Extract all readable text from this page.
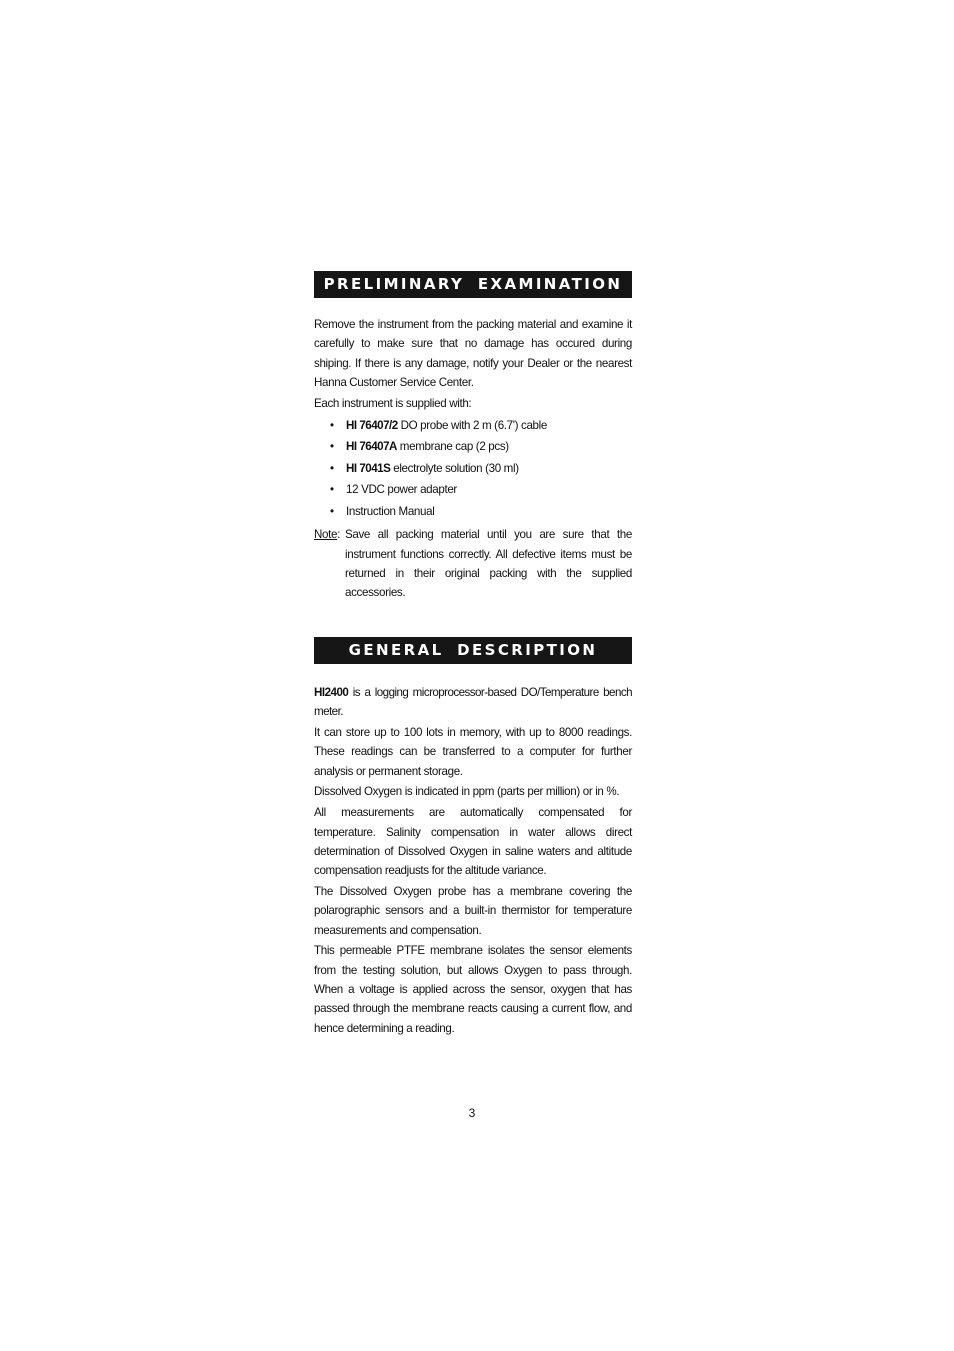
PRELIMINARY EXAMINATION

Remove the instrument from the packing material and examine it carefully to make sure that no damage has occured during shiping. If there is any damage, notify your Dealer or the nearest Hanna Customer Service Center.

Each instrument is supplied with:

• HI 76407/2 DO probe with 2 m (6.7') cable
• HI 76407A membrane cap (2 pcs)
• HI 7041S electrolyte solution (30 ml)
• 12 VDC power adapter
• Instruction Manual
Note: Save all packing material until you are sure that the instrument functions correctly. All defective items must be returned in their original packing with the supplied accessories.

GENERAL DESCRIPTION

HI2400 is a logging microprocessor-based DO/Temperature bench meter.

It can store up to 100 lots in memory, with up to 8000 readings. These readings can be transferred to a computer for further analysis or permanent storage.

Dissolved Oxygen is indicated in ppm (parts per million) or in %.

All measurements are automatically compensated for temperature. Salinity compensation in water allows direct determination of Dissolved Oxygen in saline waters and altitude compensation readjusts for the altitude variance.

The Dissolved Oxygen probe has a membrane covering the polarographic sensors and a built-in thermistor for temperature measurements and compensation.

This permeable PTFE membrane isolates the sensor elements from the testing solution, but allows Oxygen to pass through. When a voltage is applied across the sensor, oxygen that has passed through the membrane reacts causing a current flow, and hence determining a reading.

3
